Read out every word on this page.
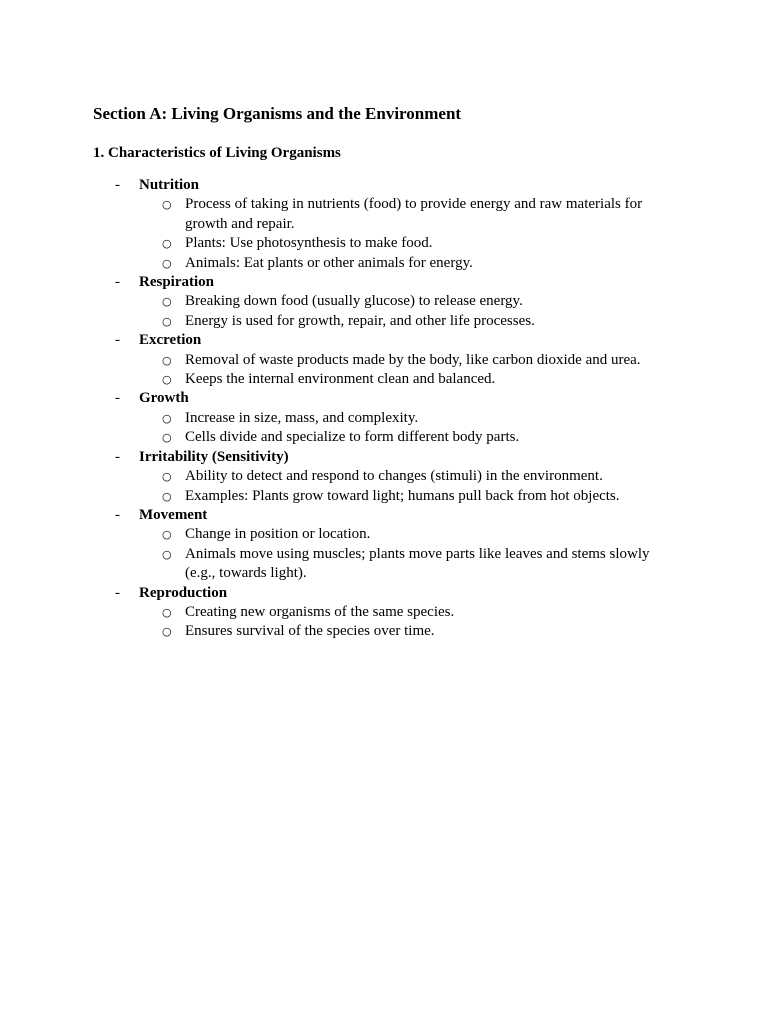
Section A: Living Organisms and the Environment
1. Characteristics of Living Organisms
- Nutrition
○ Process of taking in nutrients (food) to provide energy and raw materials for growth and repair.
○ Plants: Use photosynthesis to make food.
○ Animals: Eat plants or other animals for energy.
- Respiration
○ Breaking down food (usually glucose) to release energy.
○ Energy is used for growth, repair, and other life processes.
- Excretion
○ Removal of waste products made by the body, like carbon dioxide and urea.
○ Keeps the internal environment clean and balanced.
- Growth
○ Increase in size, mass, and complexity.
○ Cells divide and specialize to form different body parts.
- Irritability (Sensitivity)
○ Ability to detect and respond to changes (stimuli) in the environment.
○ Examples: Plants grow toward light; humans pull back from hot objects.
- Movement
○ Change in position or location.
○ Animals move using muscles; plants move parts like leaves and stems slowly (e.g., towards light).
- Reproduction
○ Creating new organisms of the same species.
○ Ensures survival of the species over time.
